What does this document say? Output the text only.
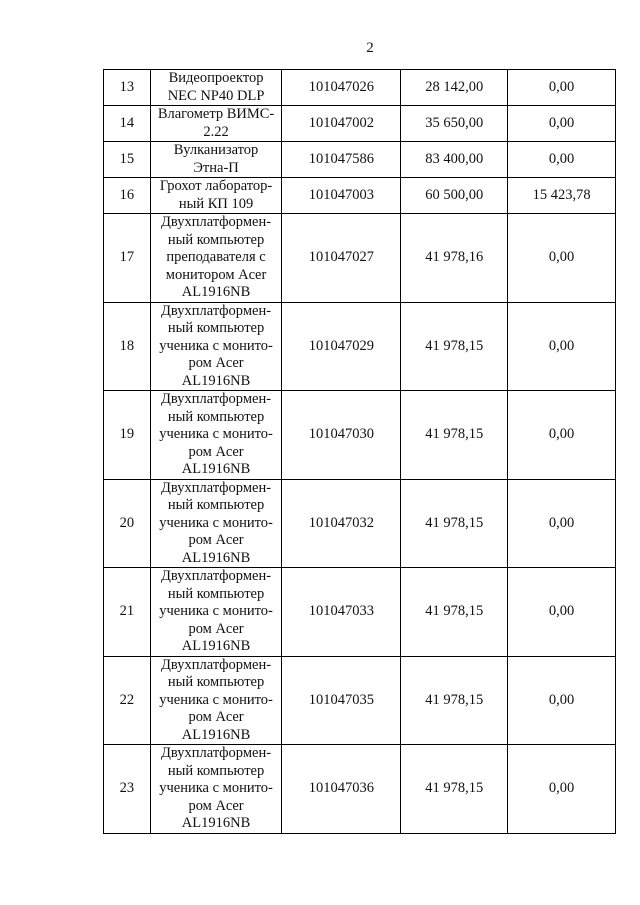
2
13	Видеопроектор
NEC NP40 DLP	101047026	28 142,00	0,00
14	Влагометр ВИМС-
2.22	101047002	35 650,00	0,00
15	Вулканизатор
Этна-П	101047586	83 400,00	0,00
16	Грохот лаборатор-
ный КП 109	101047003	60 500,00	15 423,78
17	Двухплатформен-
ный компьютер
преподавателя с
монитором Acer
AL1916NB	101047027	41 978,16	0,00
18	Двухплатформен-
ный компьютер
ученика с монито-
ром Acer
AL1916NB	101047029	41 978,15	0,00
19	Двухплатформен-
ный компьютер
ученика с монито-
ром Acer
AL1916NB	101047030	41 978,15	0,00
20	Двухплатформен-
ный компьютер
ученика с монито-
ром Acer
AL1916NB	101047032	41 978,15	0,00
21	Двухплатформен-
ный компьютер
ученика с монито-
ром Acer
AL1916NB	101047033	41 978,15	0,00
22	Двухплатформен-
ный компьютер
ученика с монито-
ром Acer
AL1916NB	101047035	41 978,15	0,00
23	Двухплатформен-
ный компьютер
ученика с монито-
ром Acer
AL1916NB	101047036	41 978,15	0,00
